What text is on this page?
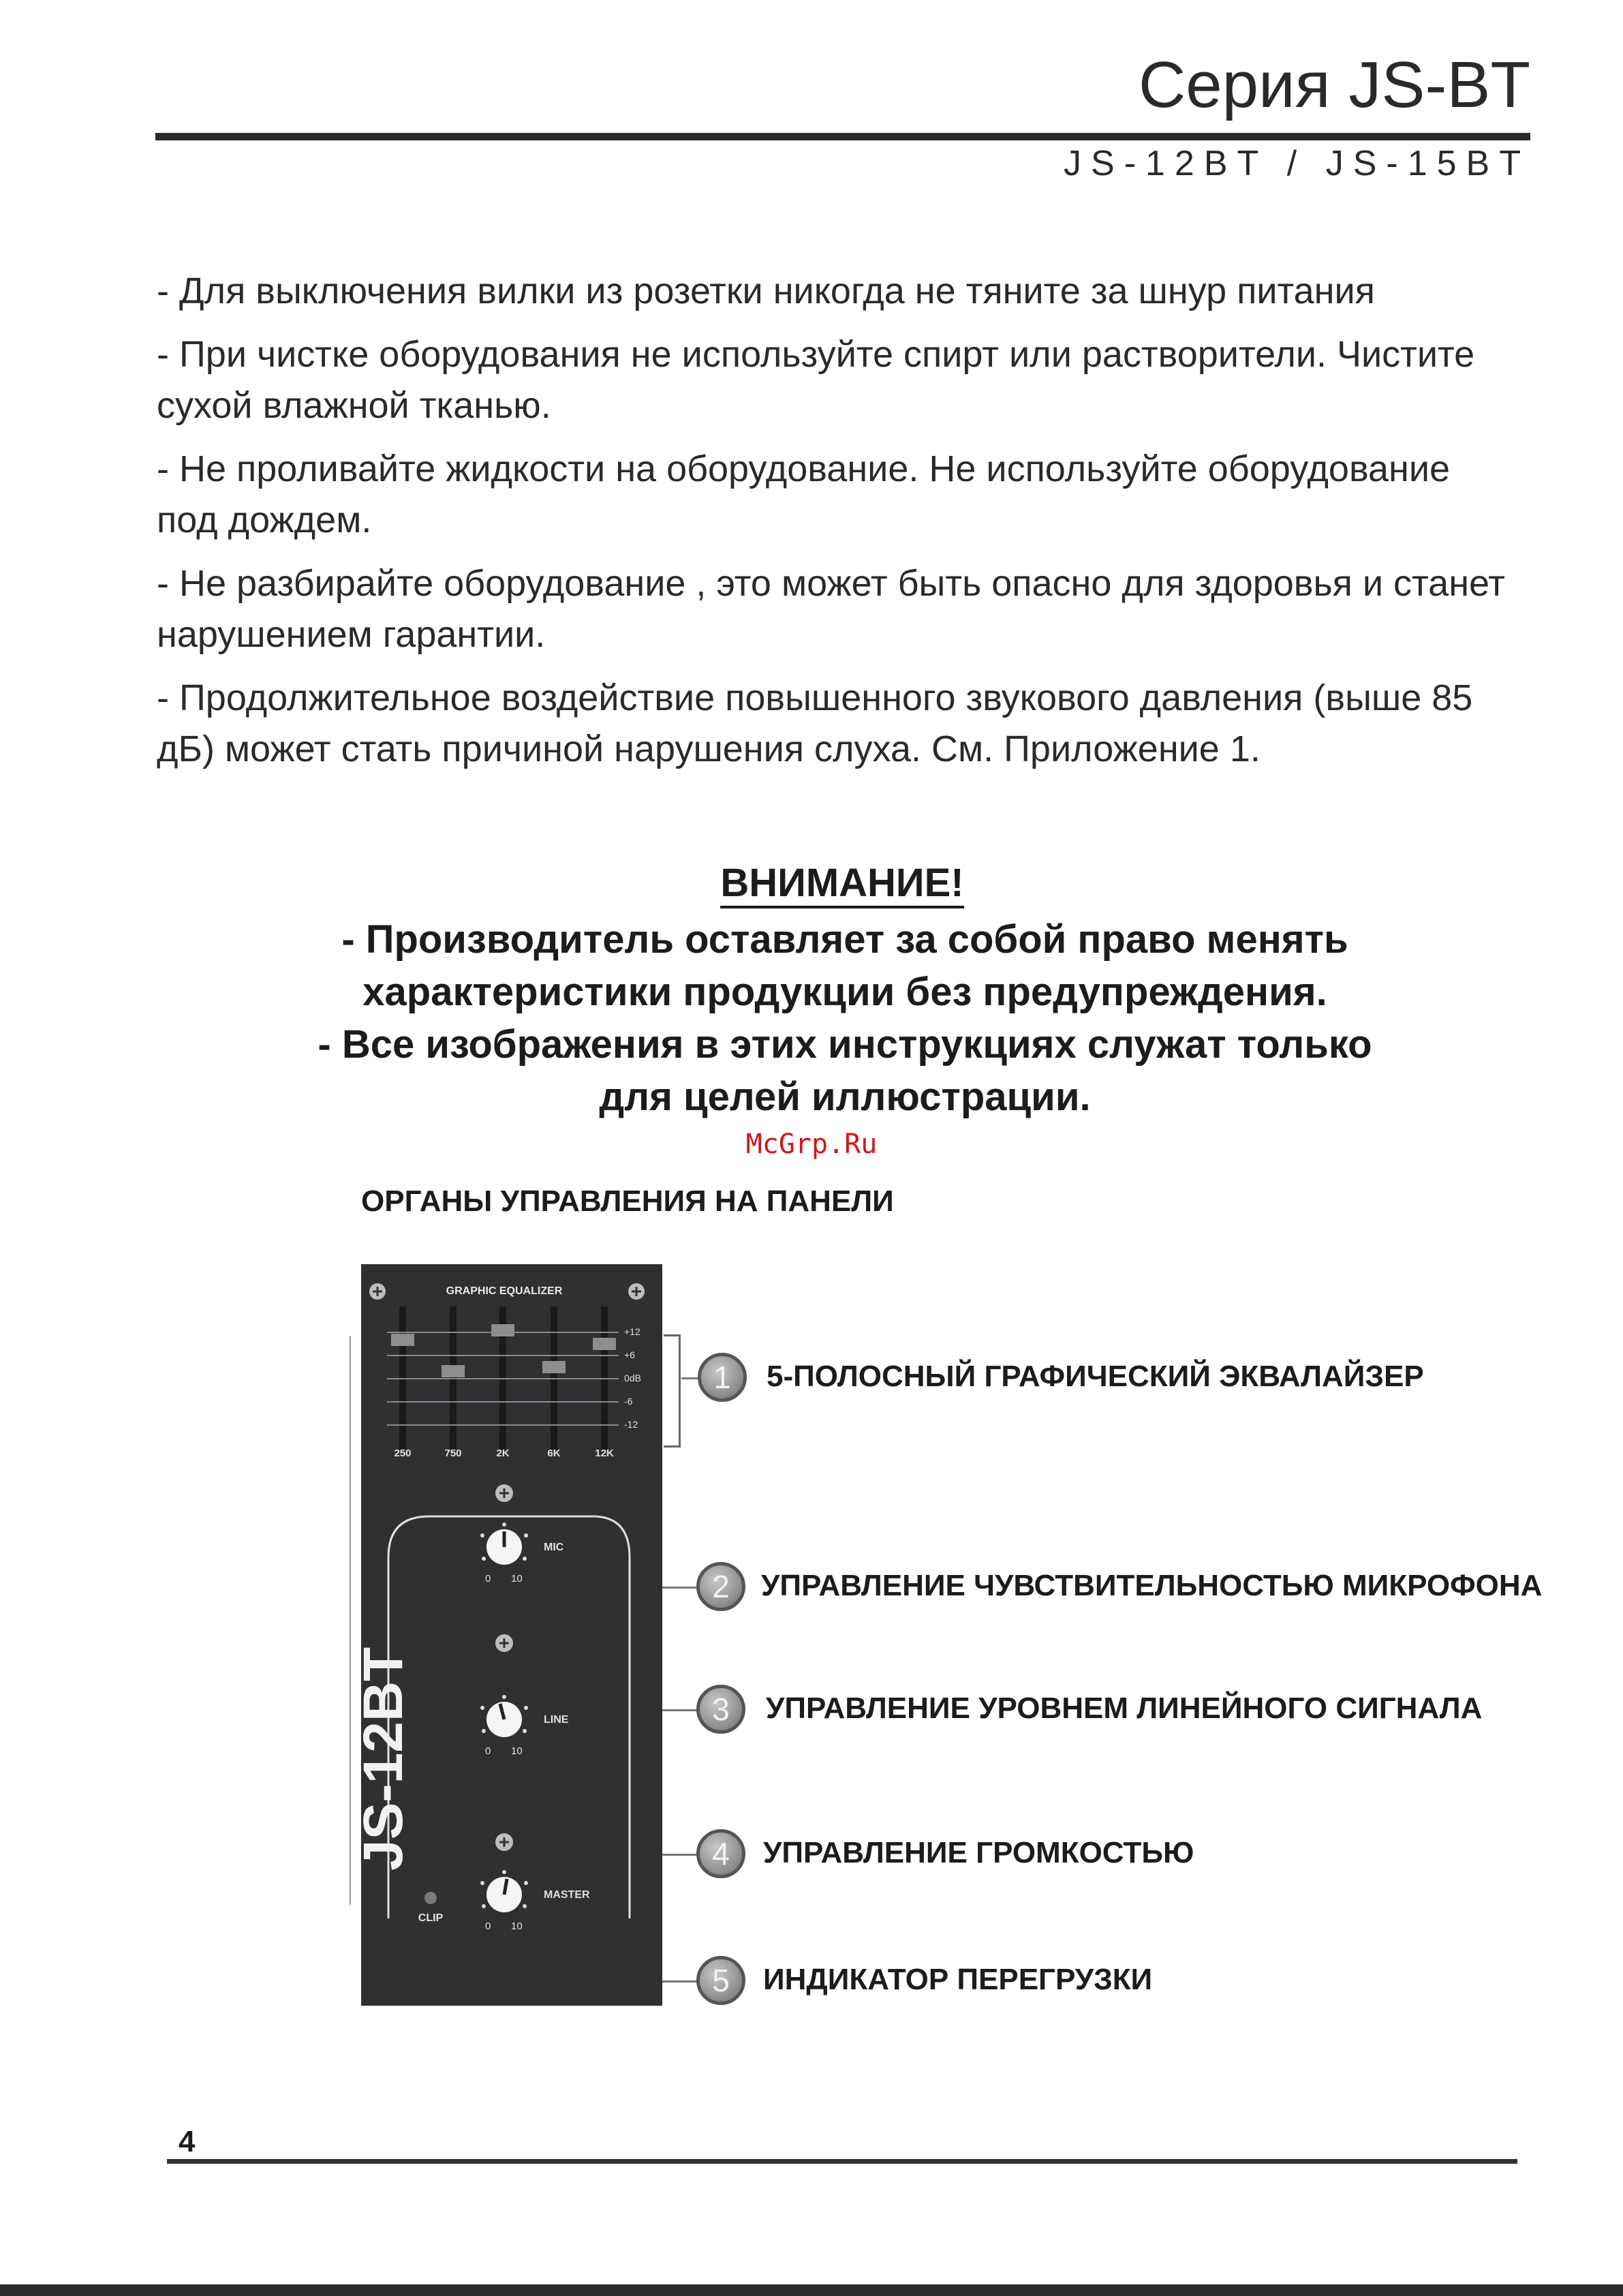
Серия JS-BT
JS-12BT / JS-15BT

- Для выключения вилки из розетки никогда не тяните за шнур питания

- При чистке оборудования не используйте спирт или растворители. Чистите сухой влажной тканью.

- Не проливайте жидкости на оборудование. Не используйте оборудование под дождем.

- Не разбирайте оборудование , это может быть опасно для здоровья и станет нарушением гарантии.

- Продолжительное воздействие повышенного звукового давления (выше 85 дБ) может стать причиной нарушения слуха. См. Приложение 1.

ВНИМАНИЕ!
- Производитель оставляет за собой право менять
характеристики продукции без предупреждения.
- Все изображения в этих инструкциях служат только
для целей иллюстрации.
McGrp.Ru
ОРГАНЫ УПРАВЛЕНИЯ НА ПАНЕЛИ
GRAPHIC EQUALIZER
+12
+6
0dB
-6
-12
250	750	2K	6K	12K
JS-12BT
MIC
0 10
LINE
0 10
MASTER
0 10
CLIP
1	5-ПОЛОСНЫЙ ГРАФИЧЕСКИЙ ЭКВАЛАЙЗЕР
2	УПРАВЛЕНИЕ ЧУВСТВИТЕЛЬНОСТЬЮ МИКРОФОНА
3	УПРАВЛЕНИЕ УРОВНЕМ ЛИНЕЙНОГО СИГНАЛА
4	УПРАВЛЕНИЕ ГРОМКОСТЬЮ
5	ИНДИКАТОР ПЕРЕГРУЗКИ
4
